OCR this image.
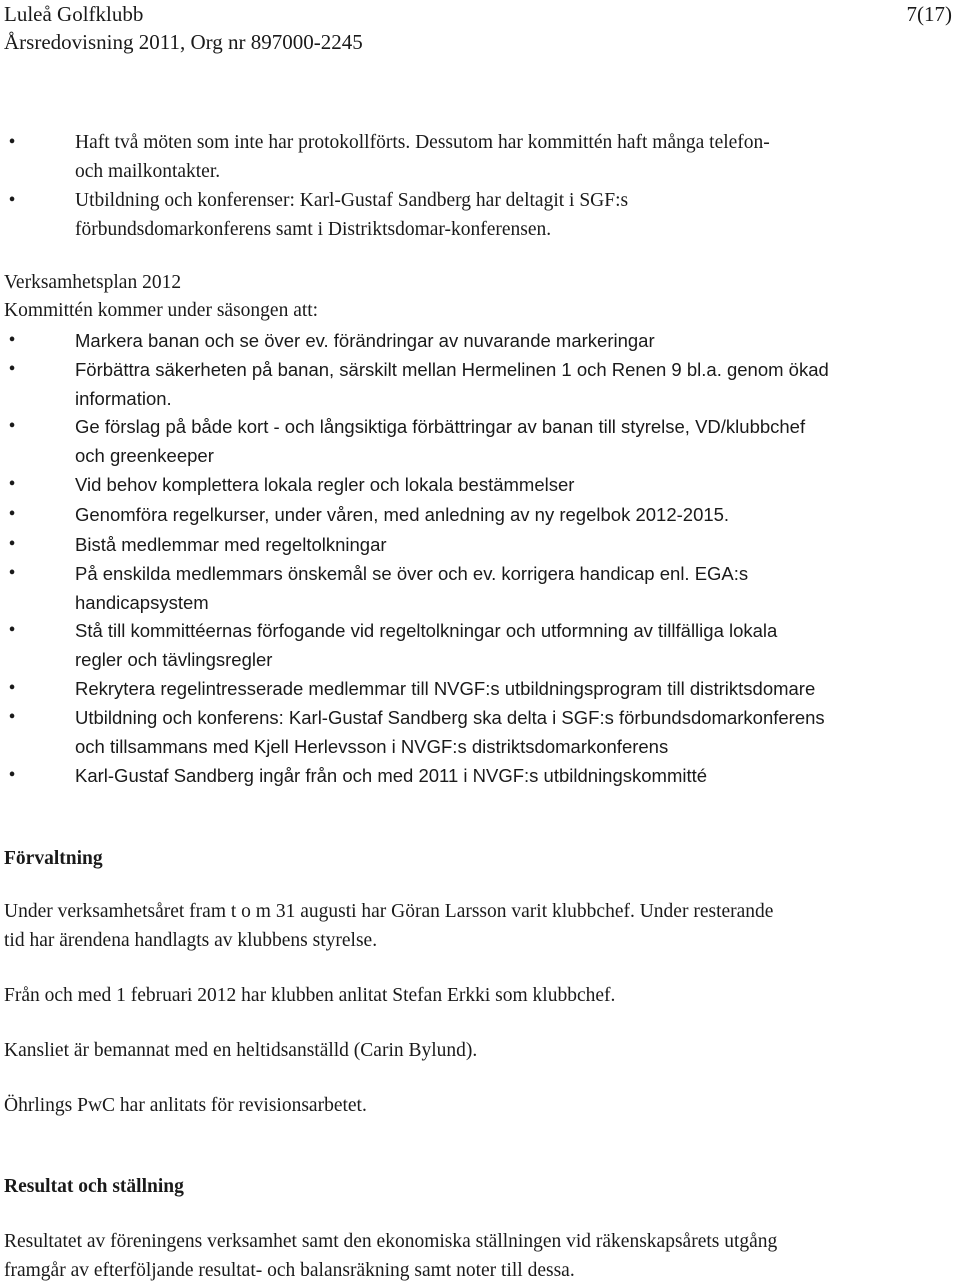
Luleå Golfklubb
Årsredovisning 2011, Org nr 897000-2245
7(17)
•	Haft två möten som inte har protokollförts. Dessutom har kommittén haft många telefon-
och mailkontakter.
•	Utbildning och konferenser: Karl-Gustaf Sandberg har deltagit i SGF:s
förbundsdomarkonferens samt i Distriktsdomar-konferensen.
Verksamhetsplan 2012
Kommittén kommer under säsongen att:
•	Markera banan och se över ev. förändringar av nuvarande markeringar
•	Förbättra säkerheten på banan, särskilt mellan Hermelinen 1 och Renen 9 bl.a. genom ökad
information.
•	Ge förslag på både kort - och långsiktiga förbättringar av banan till styrelse, VD/klubbchef
och greenkeeper
•	Vid behov komplettera lokala regler och lokala bestämmelser
•	Genomföra regelkurser, under våren, med anledning av ny regelbok 2012-2015.
•	Bistå medlemmar med regeltolkningar
•	På enskilda medlemmars önskemål se över och ev. korrigera handicap enl. EGA:s
handicapsystem
•	Stå till kommittéernas förfogande vid regeltolkningar och utformning av tillfälliga lokala
regler och tävlingsregler
•	Rekrytera regelintresserade medlemmar till NVGF:s utbildningsprogram till distriktsdomare
•	Utbildning och konferens: Karl-Gustaf Sandberg ska delta i SGF:s förbundsdomarkonferens
och tillsammans med Kjell Herlevsson i NVGF:s distriktsdomarkonferens
•	Karl-Gustaf Sandberg ingår från och med 2011 i NVGF:s utbildningskommitté
Förvaltning
Under verksamhetsåret fram t o m 31 augusti har Göran Larsson varit klubbchef. Under resterande
tid har ärendena handlagts av klubbens styrelse.
Från och med 1 februari 2012 har klubben anlitat Stefan Erkki som klubbchef.
Kansliet är bemannat med en heltidsanställd (Carin Bylund).
Öhrlings PwC har anlitats för revisionsarbetet.
Resultat och ställning
Resultatet av föreningens verksamhet samt den ekonomiska ställningen vid räkenskapsårets utgång
framgår av efterföljande resultat- och balansräkning samt noter till dessa.
